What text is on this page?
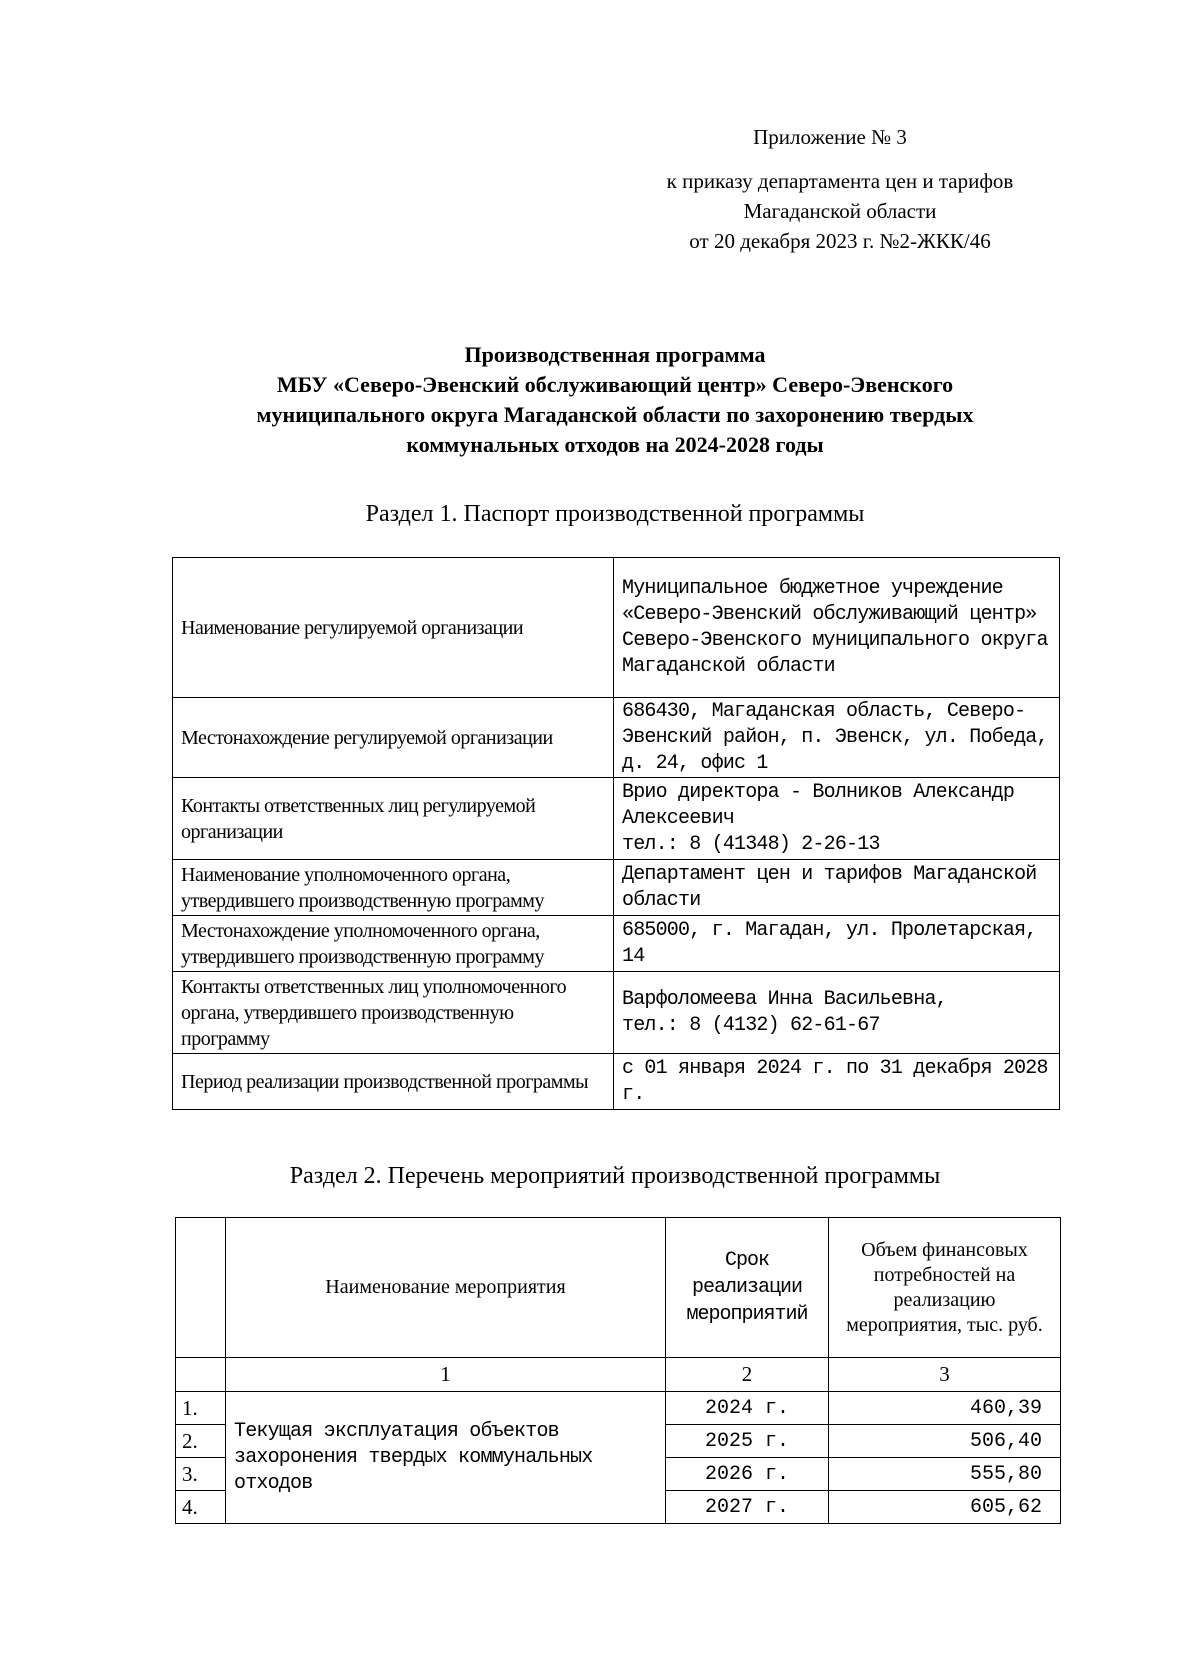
Приложение № 3
к приказу департамента цен и тарифов
Магаданской области
от 20 декабря 2023 г. №2-ЖКК/46
Производственная программа
МБУ «Северо-Эвенский обслуживающий центр» Северо-Эвенского
муниципального округа Магаданской области по захоронению твердых
коммунальных отходов на 2024-2028 годы
Раздел 1. Паспорт производственной программы
Наименование регулируемой организации	Муниципальное бюджетное учреждение «Северо-Эвенский обслуживающий центр» Северо-Эвенского муниципального округа Магаданской области
Местонахождение регулируемой организации	686430, Магаданская область, Северо-Эвенский район, п. Эвенск, ул. Победа, д. 24, офис 1
Контакты ответственных лиц регулируемой организации	Врио директора - Волников Александр Алексеевич
тел.: 8 (41348) 2-26-13

Наименование уполномоченного органа, утвердившего производственную программу	Департамент цен и тарифов Магаданской области
Местонахождение уполномоченного органа, утвердившего производственную программу	685000, г. Магадан, ул. Пролетарская, 14
Контакты ответственных лиц уполномоченного органа, утвердившего производственную программу	Варфоломеева Инна Васильевна,
тел.: 8 (4132) 62-61-67

Период реализации производственной программы	с 01 января 2024 г. по 31 декабря 2028 г.
Раздел 2. Перечень мероприятий производственной программы
	Наименование мероприятия	Срок реализации мероприятий	Объем финансовых потребностей на реализацию мероприятия, тыс. руб.
	1	2	3
1.	Текущая эксплуатация объектов захоронения твердых коммунальных отходов	2024 г.	460,39
2.		2025 г.	506,40
3.		2026 г.	555,80
4.		2027 г.	605,62
